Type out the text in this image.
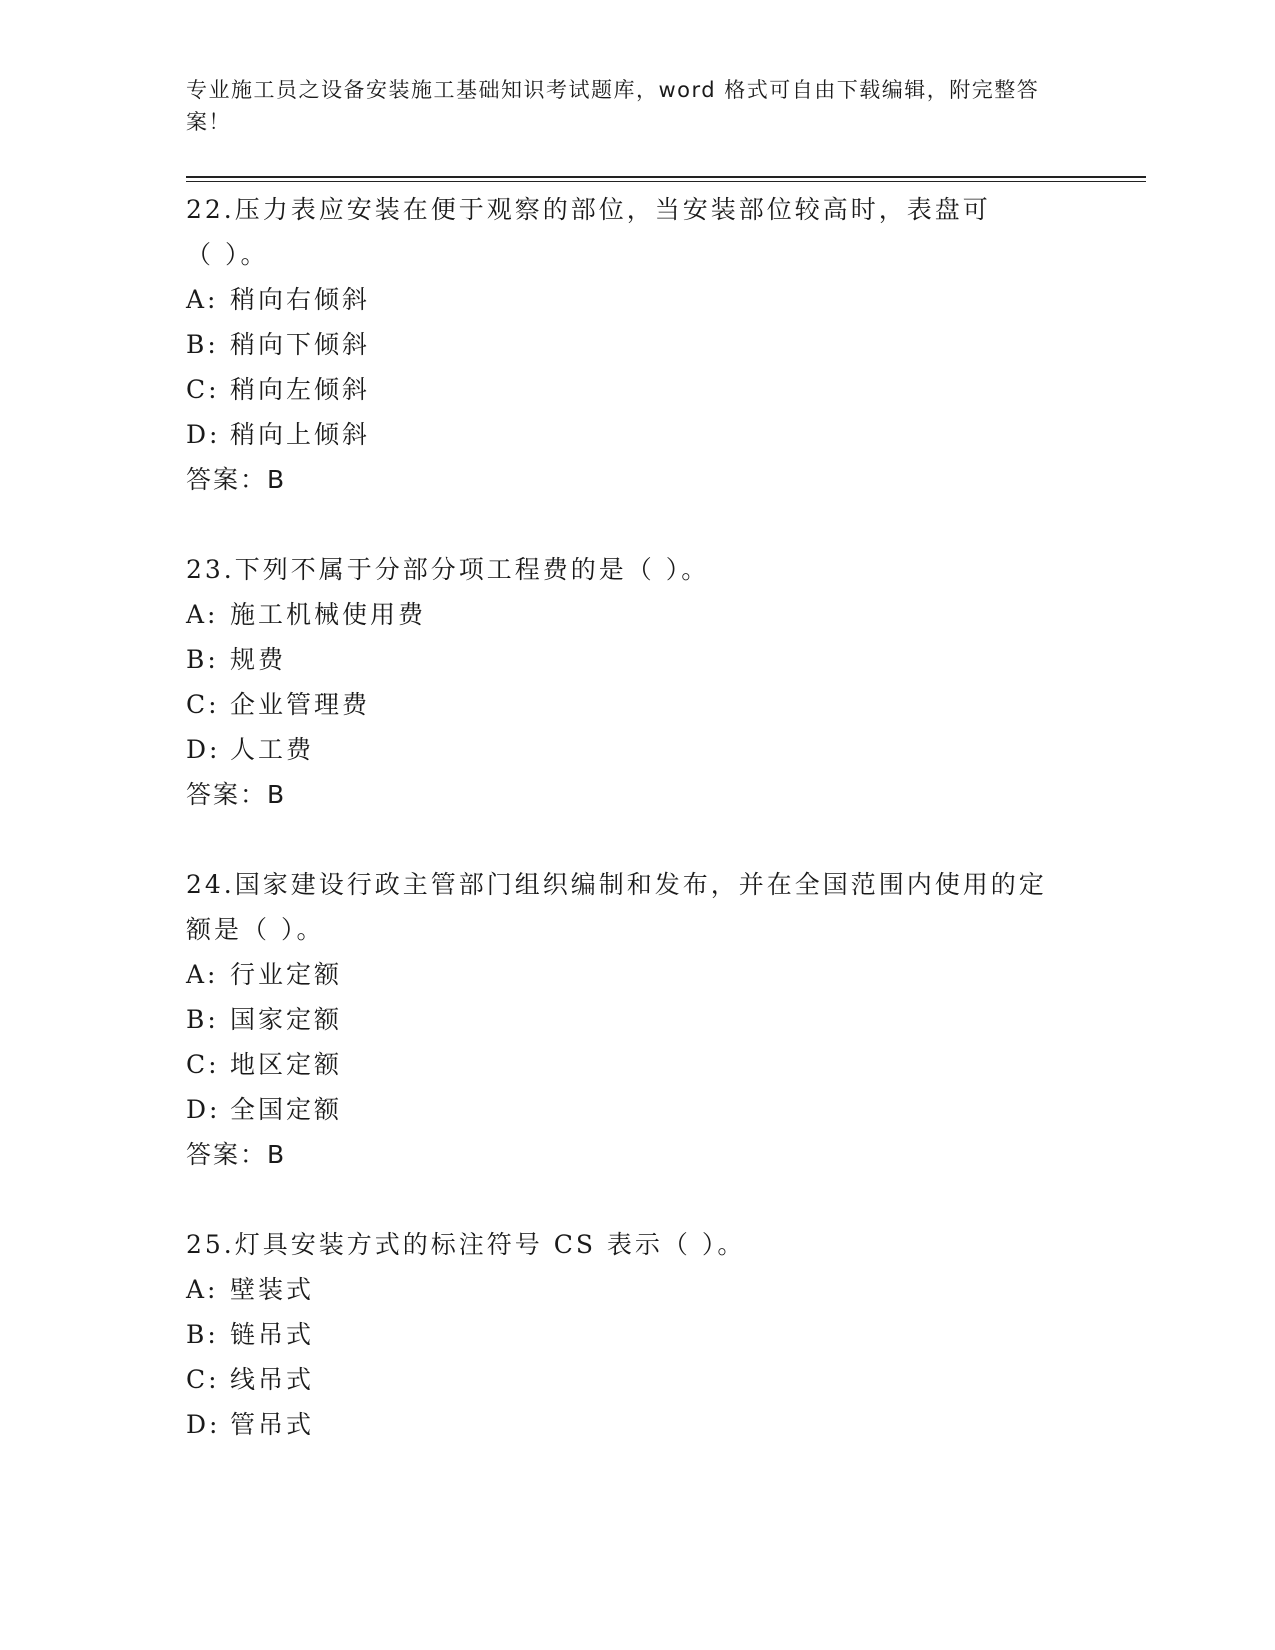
专业施工员之设备安装施工基础知识考试题库，word 格式可自由下载编辑，附完整答案！
22.压力表应安装在便于观察的部位，当安装部位较高时，表盘可（ ）。
A: 稍向右倾斜
B: 稍向下倾斜
C: 稍向左倾斜
D: 稍向上倾斜
答案：B
23.下列不属于分部分项工程费的是（ ）。
A: 施工机械使用费
B: 规费
C: 企业管理费
D: 人工费
答案：B
24.国家建设行政主管部门组织编制和发布，并在全国范围内使用的定额是（ ）。
A: 行业定额
B: 国家定额
C: 地区定额
D: 全国定额
答案：B
25.灯具安装方式的标注符号 CS 表示（ ）。
A: 壁装式
B: 链吊式
C: 线吊式
D: 管吊式
